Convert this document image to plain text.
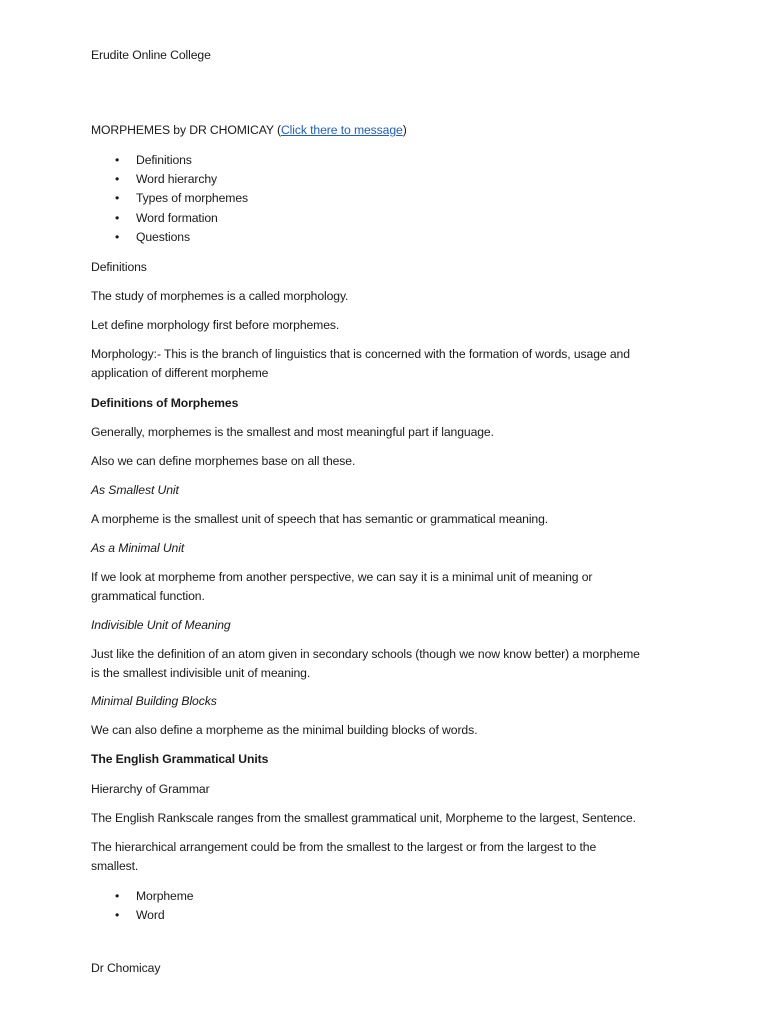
Erudite Online College
MORPHEMES by DR CHOMICAY (Click there to message)
• Definitions
• Word hierarchy
• Types of morphemes
• Word formation
• Questions
Definitions
The study of morphemes is a called morphology.
Let define morphology first before morphemes.
Morphology:- This is the branch of linguistics that is concerned with the formation of words, usage and
application of different morpheme
Definitions of Morphemes
Generally, morphemes is the smallest and most meaningful part if language.
Also we can define morphemes base on all these.
As Smallest Unit
A morpheme is the smallest unit of speech that has semantic or grammatical meaning.
As a Minimal Unit
If we look at morpheme from another perspective, we can say it is a minimal unit of meaning or
grammatical function.
Indivisible Unit of Meaning
Just like the definition of an atom given in secondary schools (though we now know better) a morpheme
is the smallest indivisible unit of meaning.
Minimal Building Blocks
We can also define a morpheme as the minimal building blocks of words.
The English Grammatical Units
Hierarchy of Grammar
The English Rankscale ranges from the smallest grammatical unit, Morpheme to the largest, Sentence.
The hierarchical arrangement could be from the smallest to the largest or from the largest to the
smallest.
• Morpheme
• Word
Dr Chomicay
